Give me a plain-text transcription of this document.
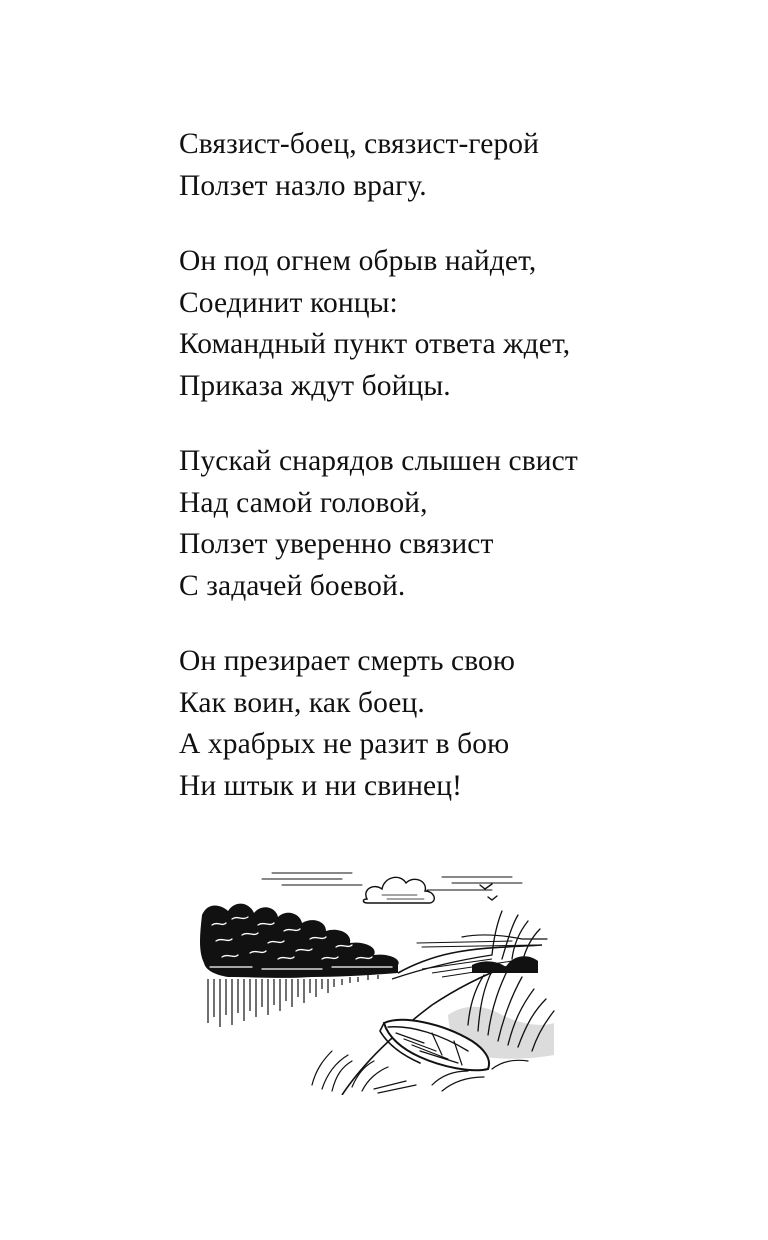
Связист-боец, связист-герой
Ползет назло врагу.
Он под огнем обрыв найдет,
Соединит концы:
Командный пункт ответа ждет,
Приказа ждут бойцы.
Пускай снарядов слышен свист
Над самой головой,
Ползет уверенно связист
С задачей боевой.
Он презирает смерть свою
Как воин, как боец.
А храбрых не разит в бою
Ни штык и ни свинец!
